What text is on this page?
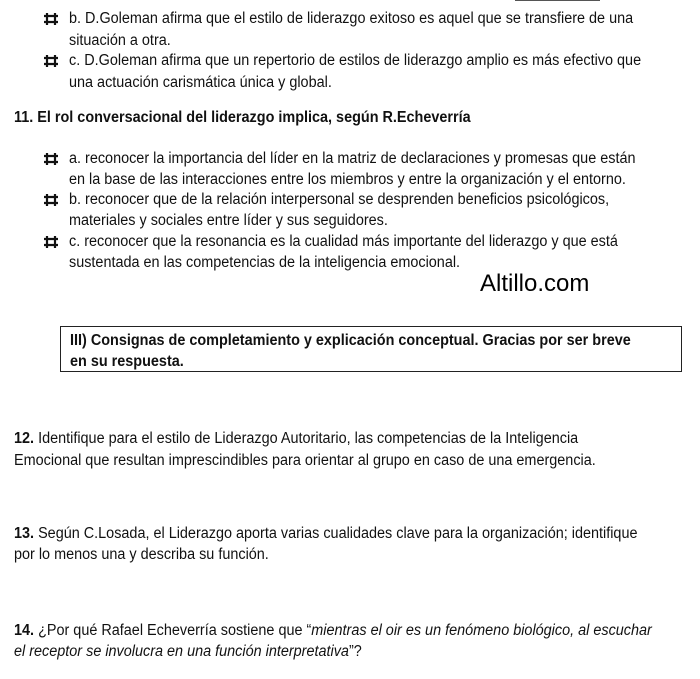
b. D.Goleman afirma que el estilo de liderazgo exitoso es aquel que se transfiere de una
situación a otra.
c. D.Goleman afirma que un repertorio de estilos de liderazgo amplio es más efectivo que
una actuación carismática única y global.
11. El rol conversacional del liderazgo implica, según R.Echeverría
a. reconocer la importancia del líder en la matriz de declaraciones y promesas que están
en la base de las interacciones entre los miembros y entre la organización y el entorno.
b. reconocer que de la relación interpersonal se desprenden beneficios psicológicos,
materiales y sociales entre líder y sus seguidores.
c. reconocer que la resonancia es la cualidad más importante del liderazgo y que está
sustentada en las competencias de la inteligencia emocional.
Altillo.com
III) Consignas de completamiento y explicación conceptual. Gracias por ser breve
en su respuesta.
12. Identifique para el estilo de Liderazgo Autoritario, las competencias de la Inteligencia
Emocional que resultan imprescindibles para orientar al grupo en caso de una emergencia.
13. Según C.Losada, el Liderazgo aporta varias cualidades clave para la organización; identifique
por lo menos una y describa su función.
14. ¿Por qué Rafael Echeverría sostiene que “mientras el oir es un fenómeno biológico, al escuchar
el receptor se involucra en una función interpretativa”?
